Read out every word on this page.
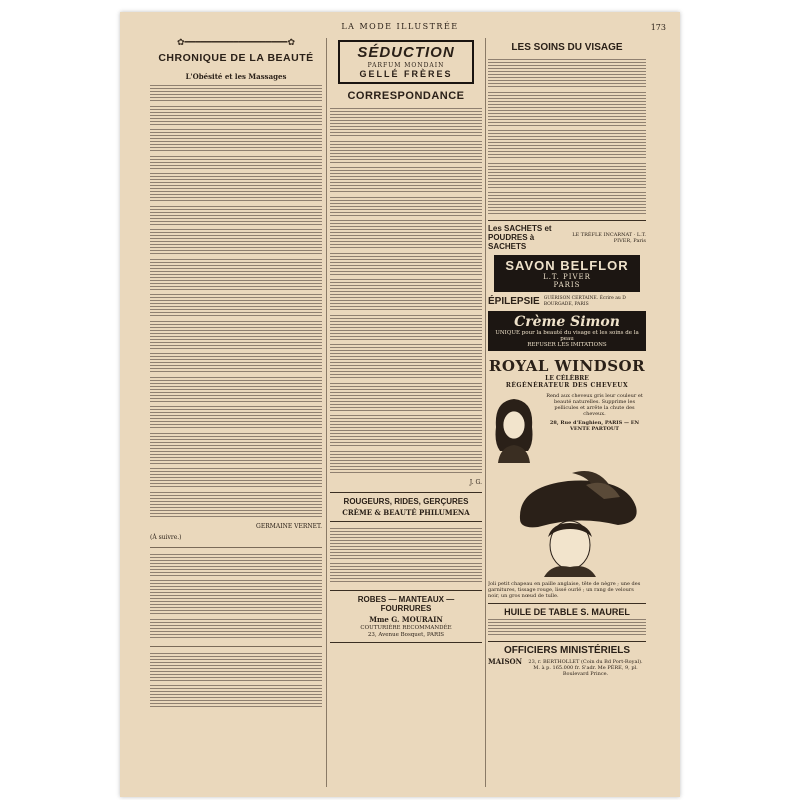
LA MODE ILLUSTRÉE	173
✿━━━━━━━━━━━━━━━━━━━✿
CHRONIQUE DE LA BEAUTÉ
L'Obésité et les Massages
GERMAINE VERNET.
(À suivre.)
SÉDUCTION
PARFUM MONDAIN
GELLÉ FRÈRES
CORRESPONDANCE
J. G.
ROUGEURS, RIDES, GERÇURES
CRÈME & BEAUTÉ PHILUMENA
ROBES — MANTEAUX — FOURRURES
Mme G. MOURAIN
COUTURIÈRE RECOMMANDÉE
23, Avenue Bosquet, PARIS
LES SOINS DU VISAGE
Les SACHETS et POUDRES à SACHETS
LE TRÈFLE INCARNAT · L.T. PIVER, Paris
SAVON BELFLOR
L.T. PIVER
PARIS
ÉPILEPSIE GUÉRISON CERTAINE. Écrire au D BOURGADE, PARIS
Crème Simon
UNIQUE pour la beauté du visage et les soins de la peau
REFUSER LES IMITATIONS
ROYAL WINDSOR
LE CÉLÈBRE
RÉGÉNÉRATEUR DES CHEVEUX
Rend aux cheveux gris leur couleur et beauté naturelles. Supprime les pellicules et arrête la chute des cheveux.
28, Rue d'Enghien, PARIS — EN VENTE PARTOUT
Joli petit chapeau en paille anglaise, tête de nègre ; une des garnitures, tissage rouge, lissé ourlé ; un rang de velours noir, un gros nœud de tulle.
HUILE DE TABLE S. MAUREL
OFFICIERS MINISTÉRIELS
MAISON	23, r. BERTHOLLET (Coin du Bd Port-Royal). M. à p. 165.000 fr. S'adr. Me PÈRE, 9, pl. Boulevard Prince.
